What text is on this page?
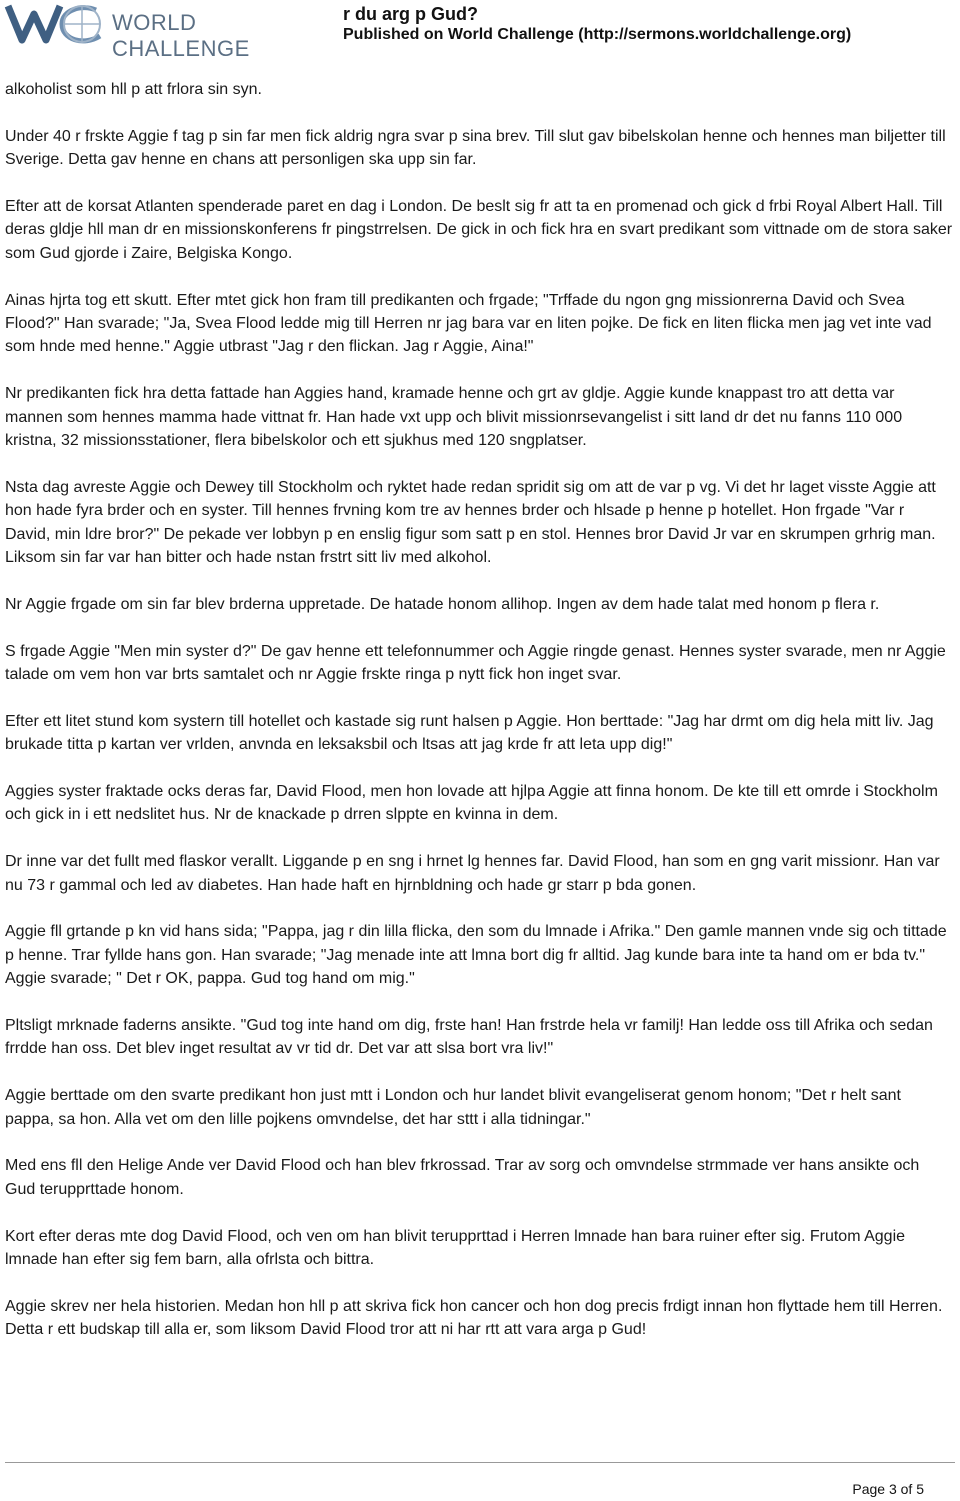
WORLD CHALLENGE
r du arg p Gud?
Published on World Challenge (http://sermons.worldchallenge.org)

alkoholist som hll p att frlora sin syn.

Under 40 r frskte Aggie f tag p sin far men fick aldrig ngra svar p sina brev. Till slut gav bibelskolan henne och hennes man biljetter till Sverige. Detta gav henne en chans att personligen ska upp sin far.

Efter att de korsat Atlanten spenderade paret en dag i London. De beslt sig fr att ta en promenad och gick d frbi Royal Albert Hall. Till deras gldje hll man dr en missionskonferens fr pingstrrelsen. De gick in och fick hra en svart predikant som vittnade om de stora saker som Gud gjorde i Zaire, Belgiska Kongo.

Ainas hjrta tog ett skutt. Efter mtet gick hon fram till predikanten och frgade; "Trffade du ngon gng missionrerna David och Svea Flood?" Han svarade; "Ja, Svea Flood ledde mig till Herren nr jag bara var en liten pojke. De fick en liten flicka men jag vet inte vad som hnde med henne." Aggie utbrast "Jag r den flickan. Jag r Aggie, Aina!"

Nr predikanten fick hra detta fattade han Aggies hand, kramade henne och grt av gldje. Aggie kunde knappast tro att detta var mannen som hennes mamma hade vittnat fr. Han hade vxt upp och blivit missionrsevangelist i sitt land dr det nu fanns 110 000 kristna, 32 missionsstationer, flera bibelskolor och ett sjukhus med 120 sngplatser.

Nsta dag avreste Aggie och Dewey till Stockholm och ryktet hade redan spridit sig om att de var p vg. Vi det hr laget visste Aggie att hon hade fyra brder och en syster. Till hennes frvning kom tre av hennes brder och hlsade p henne p hotellet. Hon frgade "Var r David, min ldre bror?" De pekade ver lobbyn p en enslig figur som satt p en stol. Hennes bror David Jr var en skrumpen grhrig man. Liksom sin far var han bitter och hade nstan frstrt sitt liv med alkohol.

Nr Aggie frgade om sin far blev brderna uppretade. De hatade honom allihop. Ingen av dem hade talat med honom p flera r.

S frgade Aggie "Men min syster d?" De gav henne ett telefonnummer och Aggie ringde genast. Hennes syster svarade, men nr Aggie talade om vem hon var brts samtalet och nr Aggie frskte ringa p nytt fick hon inget svar.

Efter ett litet stund kom systern till hotellet och kastade sig runt halsen p Aggie. Hon berttade: "Jag har drmt om dig hela mitt liv. Jag brukade titta p kartan ver vrlden, anvnda en leksaksbil och ltsas att jag krde fr att leta upp dig!"

Aggies syster fraktade ocks deras far, David Flood, men hon lovade att hjlpa Aggie att finna honom. De kte till ett omrde i Stockholm och gick in i ett nedslitet hus. Nr de knackade p drren slppte en kvinna in dem.

Dr inne var det fullt med flaskor verallt. Liggande p en sng i hrnet lg hennes far. David Flood, han som en gng varit missionr. Han var nu 73 r gammal och led av diabetes. Han hade haft en hjrnbldning och hade gr starr p bda gonen.

Aggie fll grtande p kn vid hans sida; "Pappa, jag r din lilla flicka, den som du lmnade i Afrika." Den gamle mannen vnde sig och tittade p henne. Trar fyllde hans gon. Han svarade; "Jag menade inte att lmna bort dig fr alltid. Jag kunde bara inte ta hand om er bda tv." Aggie svarade; " Det r OK, pappa. Gud tog hand om mig."

Pltsligt mrknade faderns ansikte. "Gud tog inte hand om dig, frste han! Han frstrde hela vr familj! Han ledde oss till Afrika och sedan frrdde han oss. Det blev inget resultat av vr tid dr. Det var att slsa bort vra liv!"

Aggie berttade om den svarte predikant hon just mtt i London och hur landet blivit evangeliserat genom honom; "Det r helt sant pappa, sa hon. Alla vet om den lille pojkens omvndelse, det har sttt i alla tidningar."

Med ens fll den Helige Ande ver David Flood och han blev frkrossad. Trar av sorg och omvndelse strmmade ver hans ansikte och Gud terupprttade honom.

Kort efter deras mte dog David Flood, och ven om han blivit terupprttad i Herren lmnade han bara ruiner efter sig. Frutom Aggie lmnade han efter sig fem barn, alla ofrlsta och bittra.

Aggie skrev ner hela historien. Medan hon hll p att skriva fick hon cancer och hon dog precis frdigt innan hon flyttade hem till Herren.

Detta r ett budskap till alla er, som liksom David Flood tror att ni har rtt att vara arga p Gud!

Page 3 of 5
